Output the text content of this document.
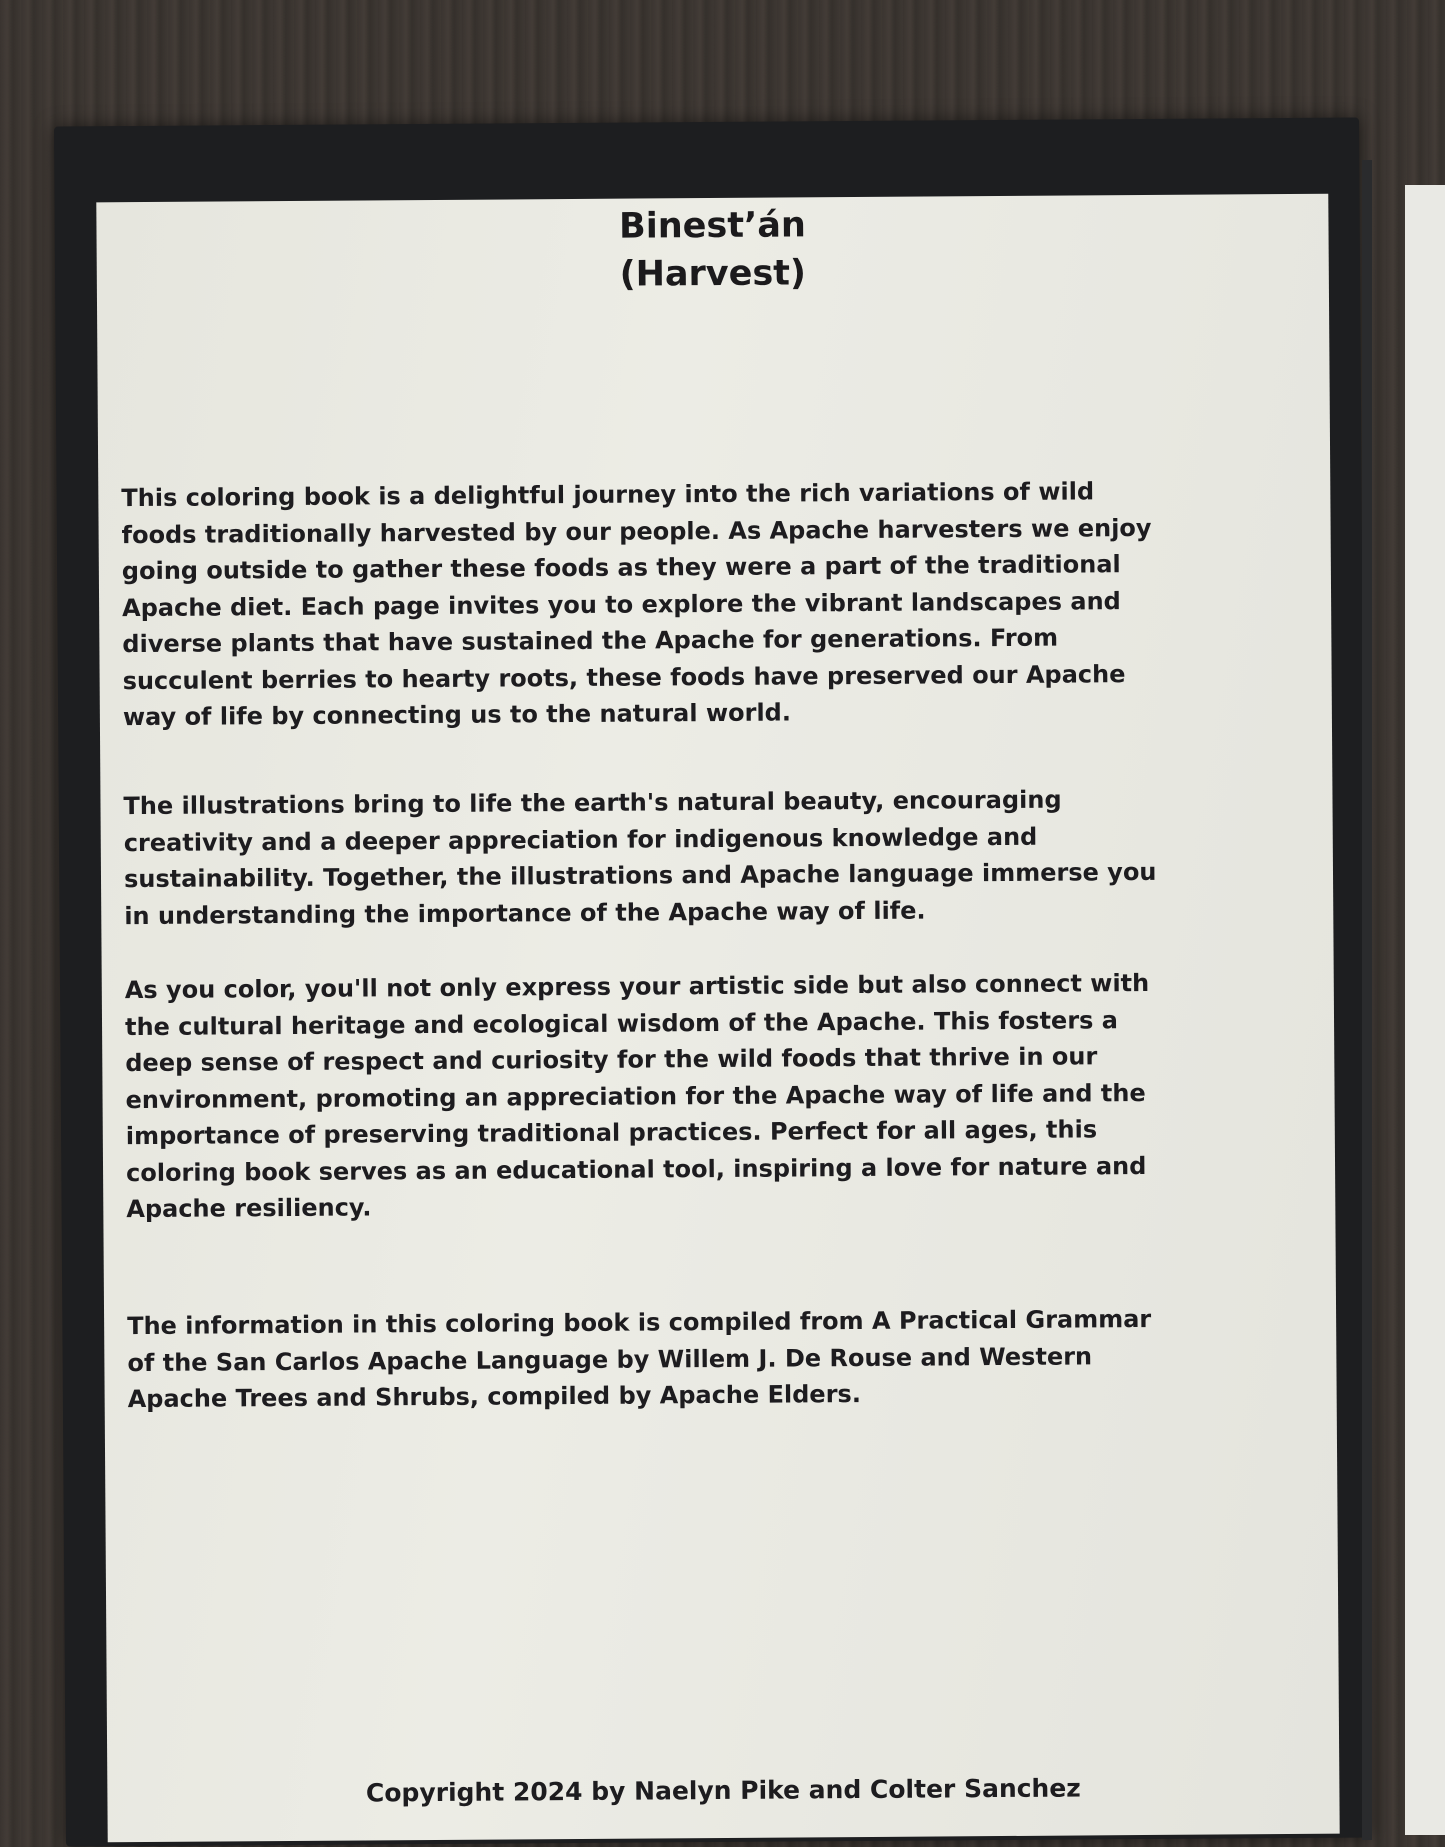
Binest’án
(Harvest)
This coloring book is a delightful journey into the rich variations of wild
foods traditionally harvested by our people. As Apache harvesters we enjoy
going outside to gather these foods as they were a part of the traditional
Apache diet. Each page invites you to explore the vibrant landscapes and
diverse plants that have sustained the Apache for generations. From
succulent berries to hearty roots, these foods have preserved our Apache
way of life by connecting us to the natural world.
The illustrations bring to life the earth's natural beauty, encouraging
creativity and a deeper appreciation for indigenous knowledge and
sustainability. Together, the illustrations and Apache language immerse you
in understanding the importance of the Apache way of life.
As you color, you'll not only express your artistic side but also connect with
the cultural heritage and ecological wisdom of the Apache. This fosters a
deep sense of respect and curiosity for the wild foods that thrive in our
environment, promoting an appreciation for the Apache way of life and the
importance of preserving traditional practices. Perfect for all ages, this
coloring book serves as an educational tool, inspiring a love for nature and
Apache resiliency.
The information in this coloring book is compiled from A Practical Grammar
of the San Carlos Apache Language by Willem J. De Rouse and Western
Apache Trees and Shrubs, compiled by Apache Elders.
Copyright 2024 by Naelyn Pike and Colter Sanchez
